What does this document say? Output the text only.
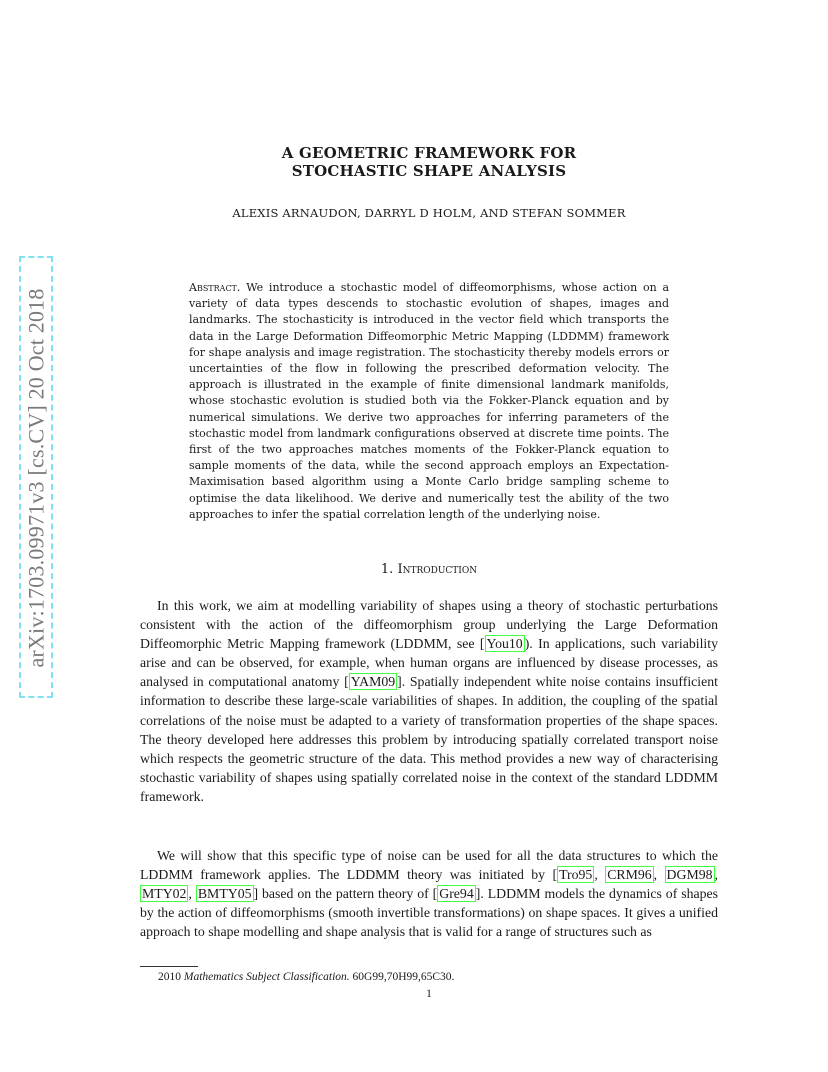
arXiv:1703.09971v3 [cs.CV] 20 Oct 2018
A GEOMETRIC FRAMEWORK FOR
STOCHASTIC SHAPE ANALYSIS
ALEXIS ARNAUDON, DARRYL D HOLM, AND STEFAN SOMMER
Abstract. We introduce a stochastic model of diffeomorphisms, whose action on a variety of data types descends to stochastic evolution of shapes, images and landmarks. The stochasticity is introduced in the vector field which transports the data in the Large Deformation Diffeomorphic Metric Mapping (LDDMM) framework for shape analysis and image registration. The stochasticity thereby models errors or uncertainties of the flow in following the prescribed deformation velocity. The approach is illustrated in the example of finite dimensional landmark manifolds, whose stochastic evolution is studied both via the Fokker-Planck equation and by numerical simulations. We derive two approaches for inferring parameters of the stochastic model from landmark configurations observed at discrete time points. The first of the two approaches matches moments of the Fokker-Planck equation to sample moments of the data, while the second approach employs an Expectation-Maximisation based algorithm using a Monte Carlo bridge sampling scheme to optimise the data likelihood. We derive and numerically test the ability of the two approaches to infer the spatial correlation length of the underlying noise.
1. Introduction
In this work, we aim at modelling variability of shapes using a theory of stochastic perturbations consistent with the action of the diffeomorphism group underlying the Large Deformation Diffeomorphic Metric Mapping framework (LDDMM, see [ You10 ). In applications, such variability arise and can be observed, for example, when human organs are influenced by disease processes, as analysed in computational anatomy [ YAM09 ]. Spatially independent white noise contains insufficient information to describe these large-scale variabilities of shapes. In addition, the coupling of the spatial correlations of the noise must be adapted to a variety of transformation properties of the shape spaces. The theory developed here addresses this problem by introducing spatially correlated transport noise which respects the geometric structure of the data. This method provides a new way of characterising stochastic variability of shapes using spatially correlated noise in the context of the standard LDDMM framework.
We will show that this specific type of noise can be used for all the data structures to which the LDDMM framework applies. The LDDMM theory was initiated by [ Tro95 , CRM96 , DGM98 , MTY02 , BMTY05 ] based on the pattern theory of [ Gre94 ]. LDDMM models the dynamics of shapes by the action of diffeomorphisms (smooth invertible transformations) on shape spaces. It gives a unified approach to shape modelling and shape analysis that is valid for a range of structures such as
2010 Mathematics Subject Classification. 60G99,70H99,65C30.
1
